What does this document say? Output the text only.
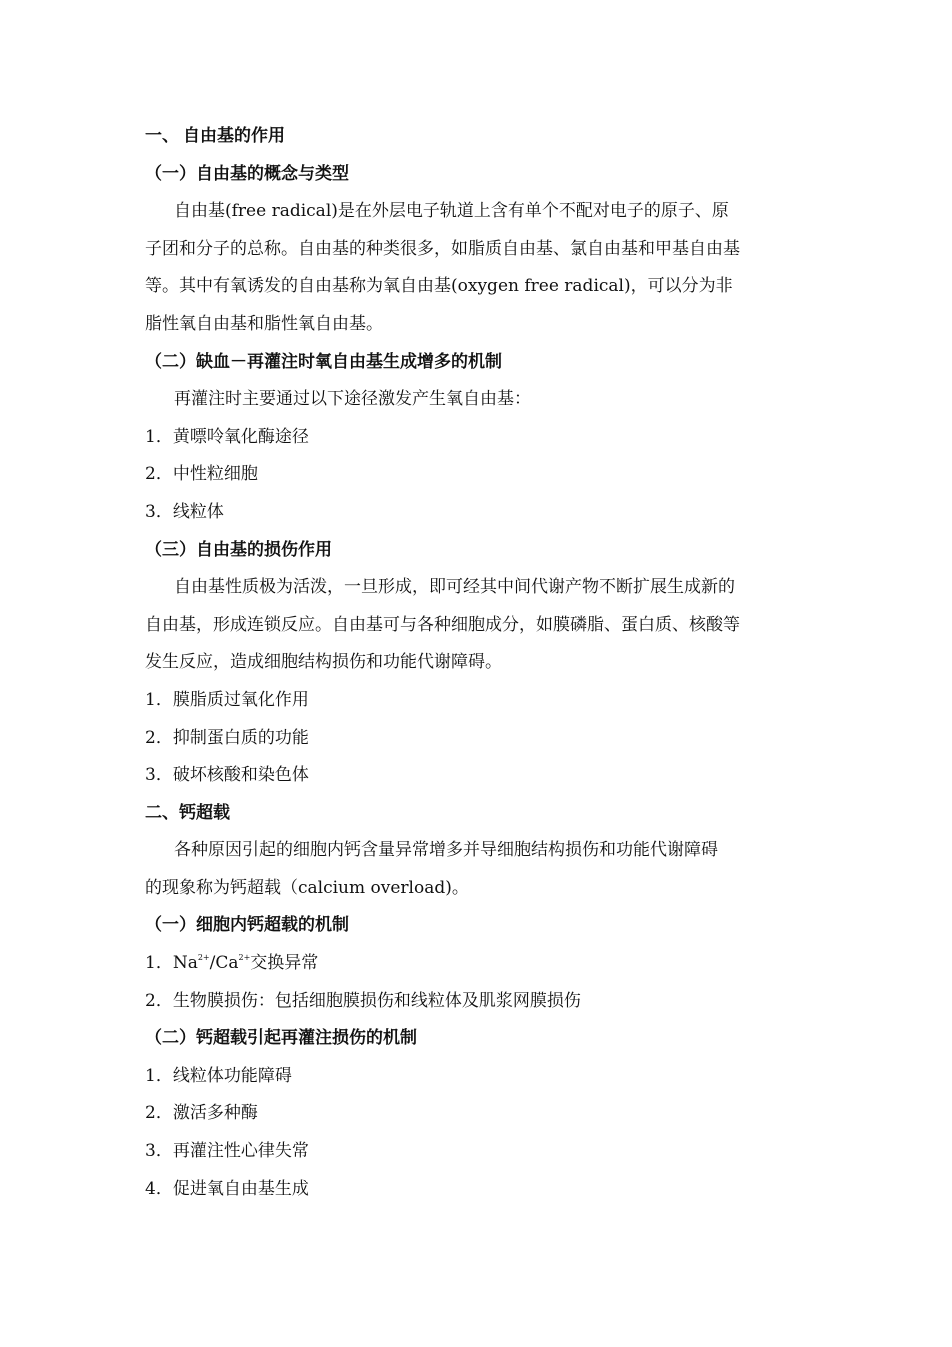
一、 自由基的作用
（一）自由基的概念与类型
自由基(free radical)是在外层电子轨道上含有单个不配对电子的原子、原
子团和分子的总称。自由基的种类很多，如脂质自由基、氯自由基和甲基自由基
等。其中有氧诱发的自由基称为氧自由基(oxygen free radical)，可以分为非
脂性氧自由基和脂性氧自由基。
（二）缺血－再灌注时氧自由基生成增多的机制
再灌注时主要通过以下途径激发产生氧自由基：
1．黄嘌呤氧化酶途径
2．中性粒细胞
3．线粒体
（三）自由基的损伤作用
自由基性质极为活泼，一旦形成，即可经其中间代谢产物不断扩展生成新的
自由基，形成连锁反应。自由基可与各种细胞成分，如膜磷脂、蛋白质、核酸等
发生反应，造成细胞结构损伤和功能代谢障碍。
1．膜脂质过氧化作用
2．抑制蛋白质的功能
3．破坏核酸和染色体
二、钙超载
各种原因引起的细胞内钙含量异常增多并导细胞结构损伤和功能代谢障碍
的现象称为钙超载（calcium overload)。
（一）细胞内钙超载的机制
1．$Na^{2+}/Ca^{2+}$交换异常
2．生物膜损伤：包括细胞膜损伤和线粒体及肌浆网膜损伤
（二）钙超载引起再灌注损伤的机制
1．线粒体功能障碍
2．激活多种酶
3．再灌注性心律失常
4．促进氧自由基生成
